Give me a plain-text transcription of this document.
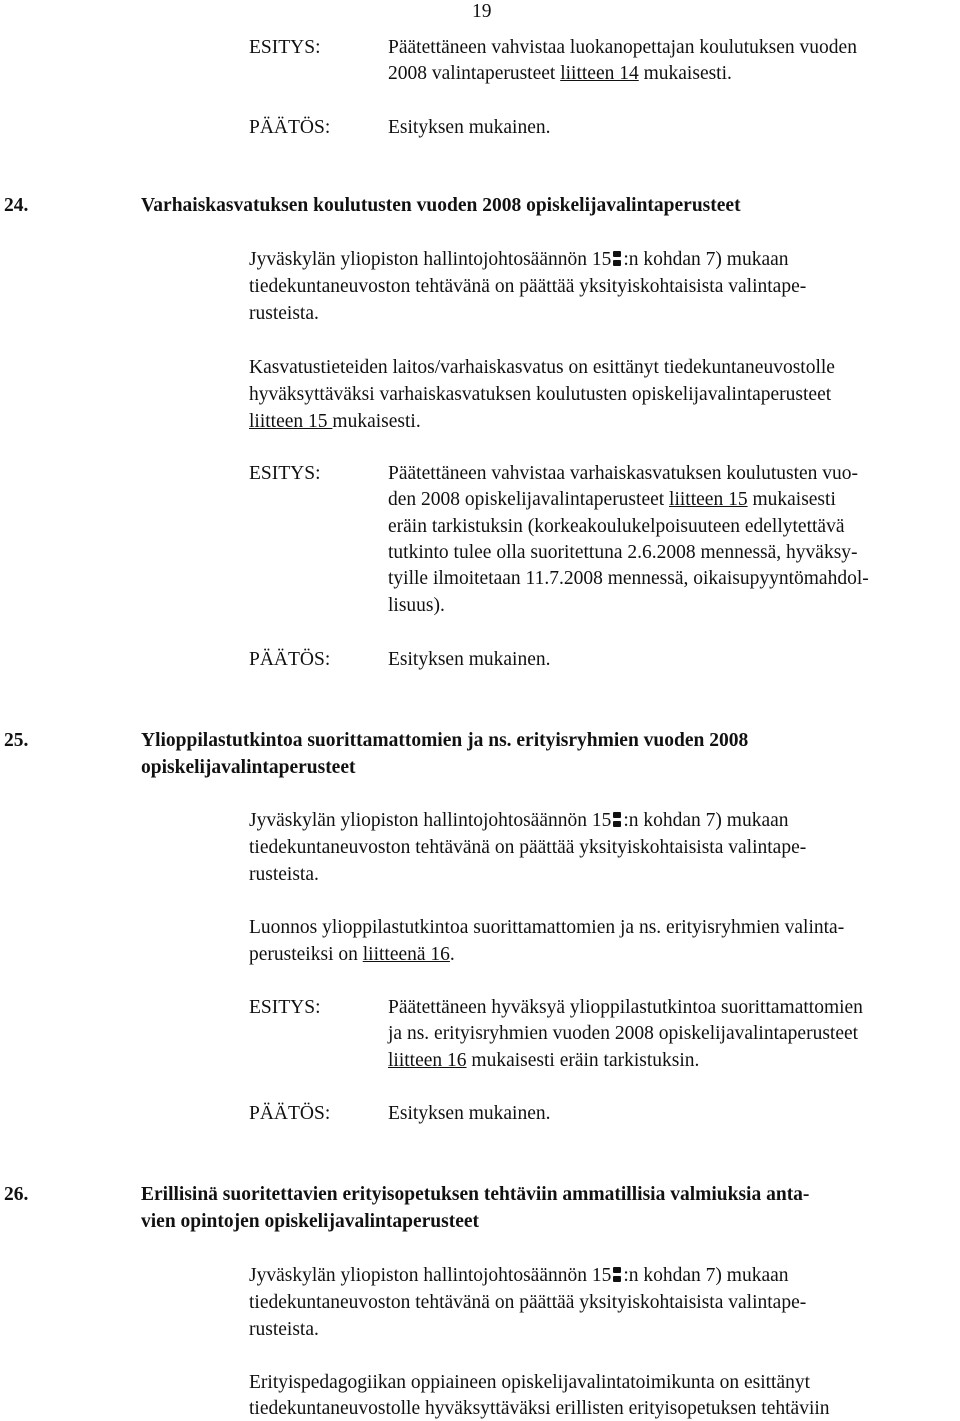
19
ESITYS:	Päätettäneen vahvistaa luokanopettajan koulutuksen vuoden
2008 valintaperusteet liitteen 14 mukaisesti.
PÄÄTÖS:	Esityksen mukainen.
24.	Varhaiskasvatuksen koulutusten vuoden 2008 opiskelijavalintaperusteet
Jyväskylän yliopiston hallintojohtosäännön 15 :n kohdan 7) mukaan
tiedekuntaneuvoston tehtävänä on päättää yksityiskohtaisista valintape-
rusteista.
Kasvatustieteiden laitos/varhaiskasvatus on esittänyt tiedekuntaneuvostolle
hyväksyttäväksi varhaiskasvatuksen koulutusten opiskelijavalintaperusteet
liitteen 15 mukaisesti.
ESITYS:	Päätettäneen vahvistaa varhaiskasvatuksen koulutusten vuo-
den 2008 opiskelijavalintaperusteet liitteen 15 mukaisesti
eräin tarkistuksin (korkeakoulukelpoisuuteen edellytettävä
tutkinto tulee olla suoritettuna 2.6.2008 mennessä, hyväksy-
tyille ilmoitetaan 11.7.2008 mennessä, oikaisupyyntömahdol-
lisuus).
PÄÄTÖS:	Esityksen mukainen.
25.	Ylioppilastutkintoa suorittamattomien ja ns. erityisryhmien vuoden 2008
opiskelijavalintaperusteet
Jyväskylän yliopiston hallintojohtosäännön 15 :n kohdan 7) mukaan
tiedekuntaneuvoston tehtävänä on päättää yksityiskohtaisista valintape-
rusteista.
Luonnos ylioppilastutkintoa suorittamattomien ja ns. erityisryhmien valinta-
perusteiksi on liitteenä 16.
ESITYS:	Päätettäneen hyväksyä ylioppilastutkintoa suorittamattomien
ja ns. erityisryhmien vuoden 2008 opiskelijavalintaperusteet
liitteen 16 mukaisesti eräin tarkistuksin.
PÄÄTÖS:	Esityksen mukainen.
26.	Erillisinä suoritettavien erityisopetuksen tehtäviin ammatillisia valmiuksia anta-
vien opintojen opiskelijavalintaperusteet
Jyväskylän yliopiston hallintojohtosäännön 15 :n kohdan 7) mukaan
tiedekuntaneuvoston tehtävänä on päättää yksityiskohtaisista valintape-
rusteista.
Erityispedagogiikan oppiaineen opiskelijavalintatoimikunta on esittänyt
tiedekuntaneuvostolle hyväksyttäväksi erillisten erityisopetuksen tehtäviin
